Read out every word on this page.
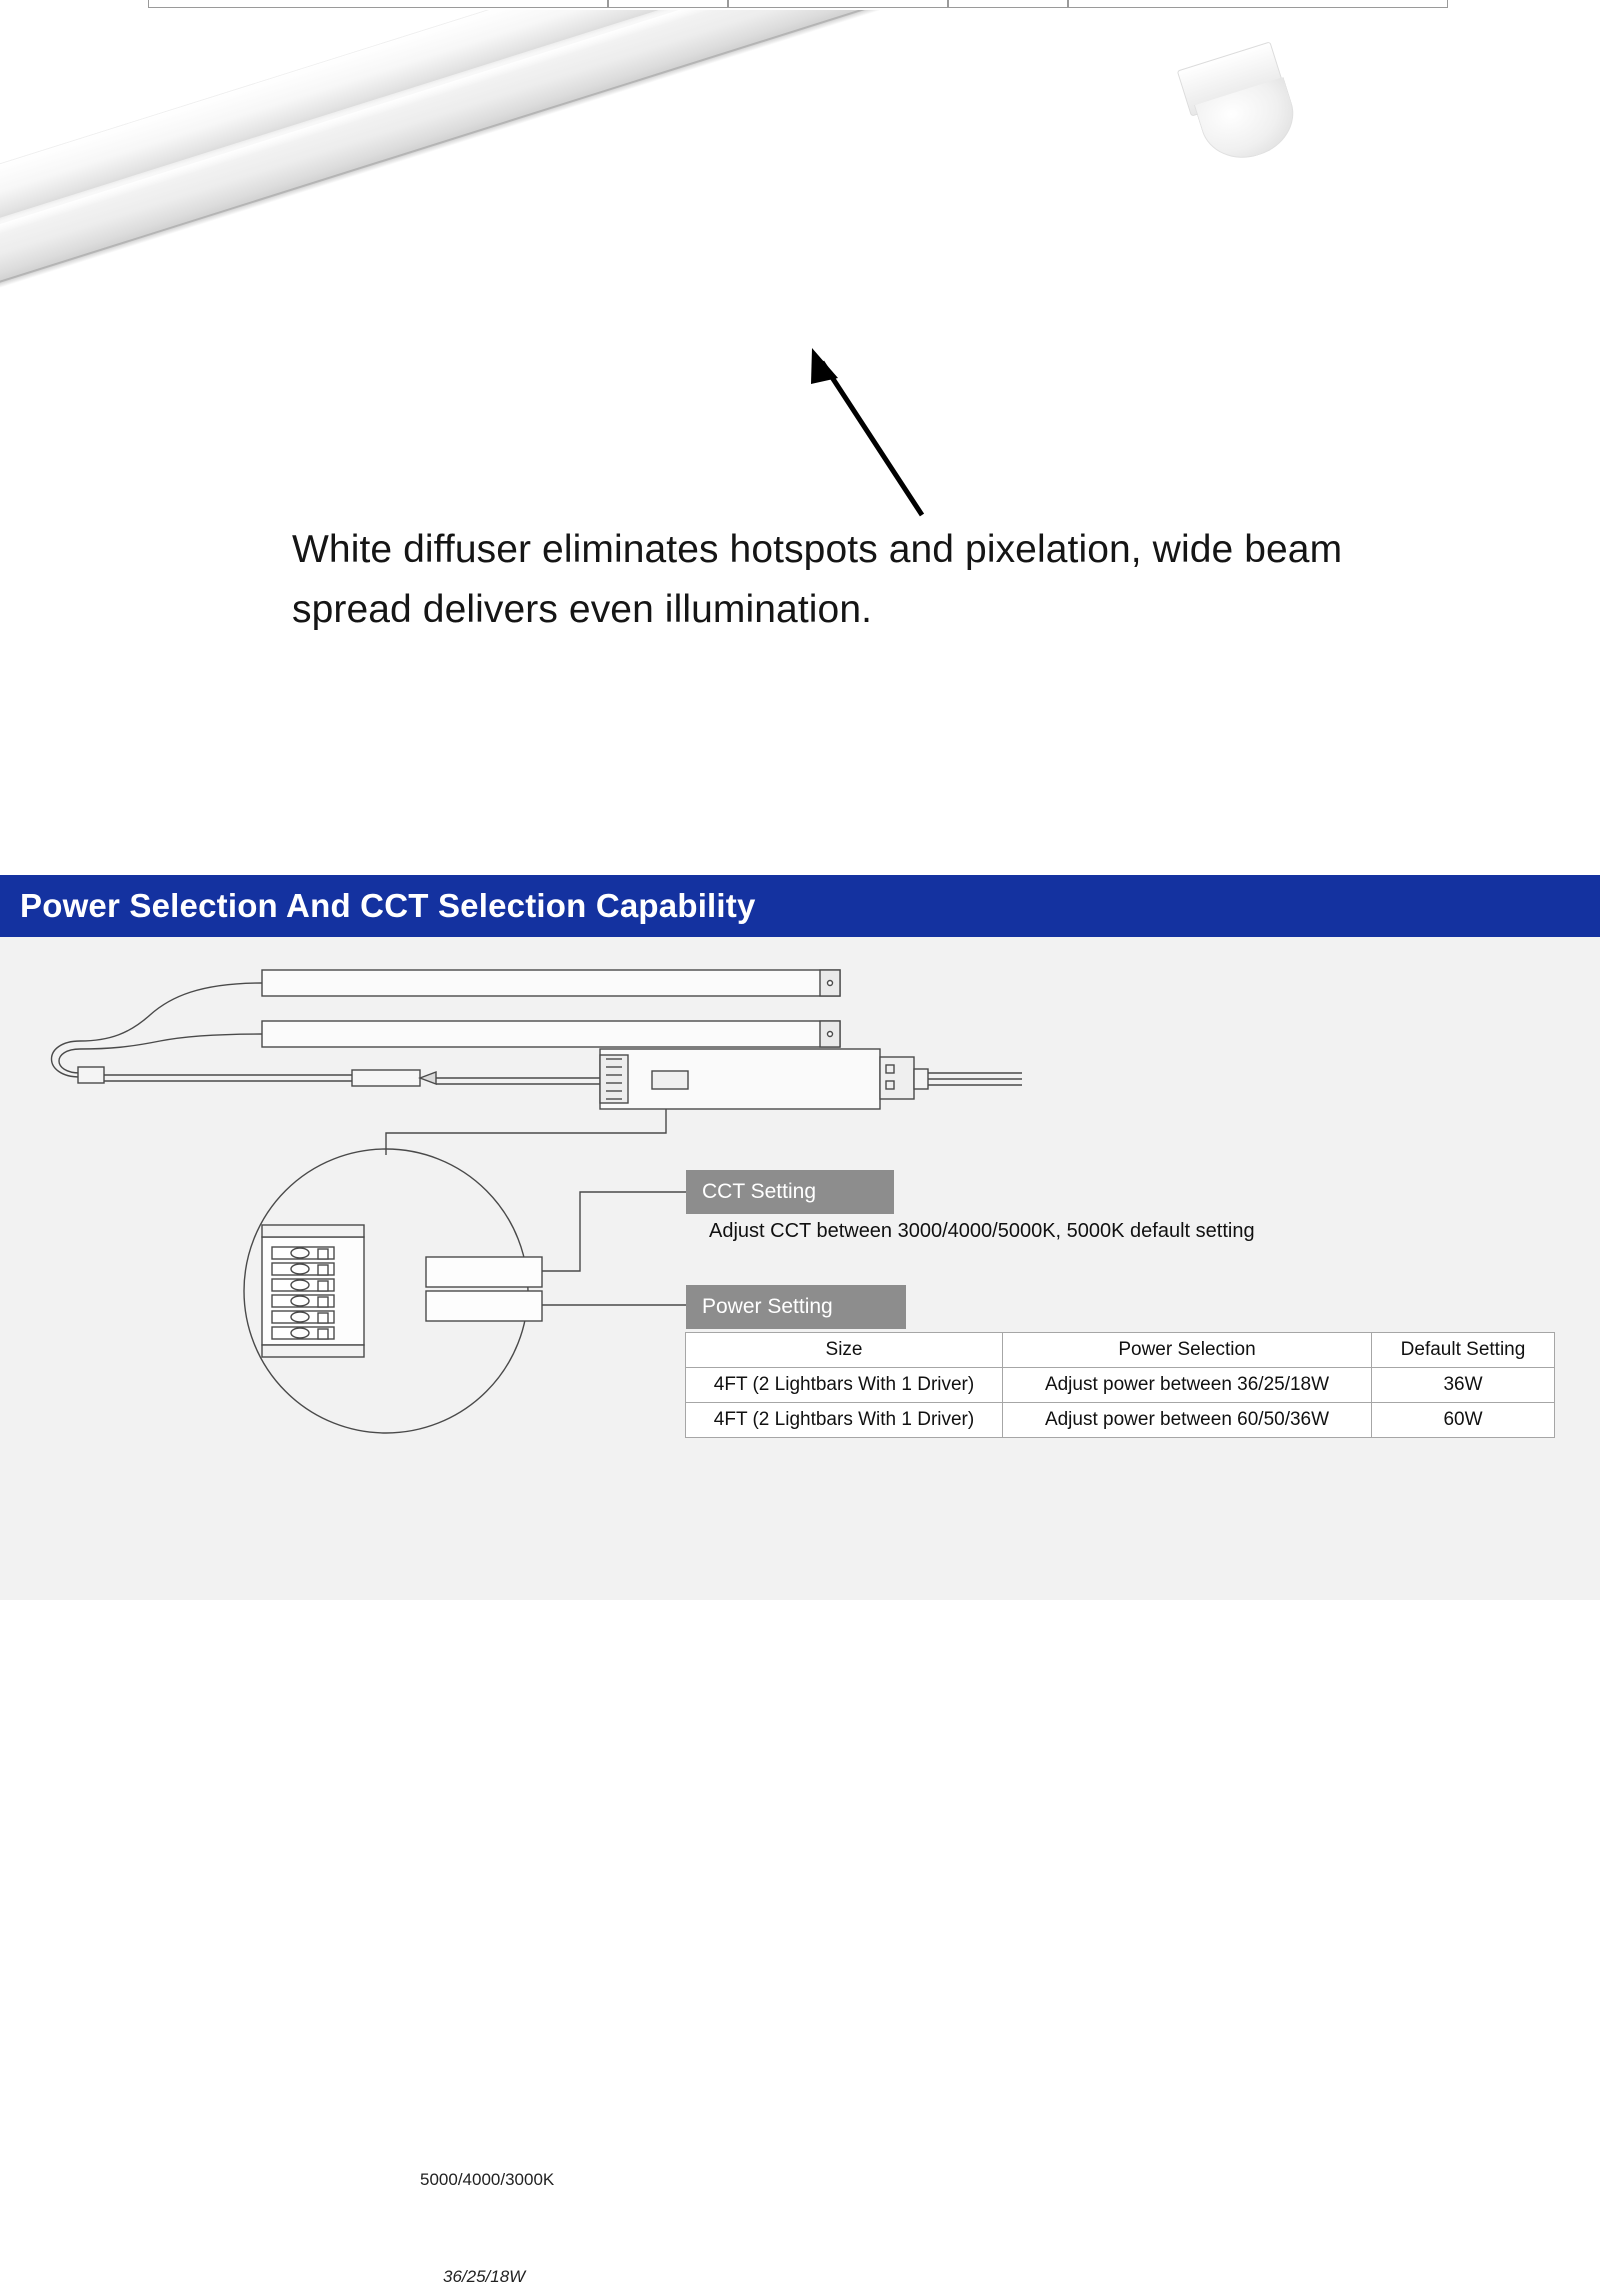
White diffuser eliminates hotspots and pixelation, wide beam spread delivers even illumination.
Power Selection And CCT Selection Capability
5000/4000/3000K
36/25/18W
CCT Setting
Adjust CCT between 3000/4000/5000K, 5000K default setting
Power Setting
Size	Power Selection	Default Setting
4FT (2 Lightbars With 1 Driver)	Adjust power between 36/25/18W	36W
4FT (2 Lightbars With 1 Driver)	Adjust power between 60/50/36W	60W
